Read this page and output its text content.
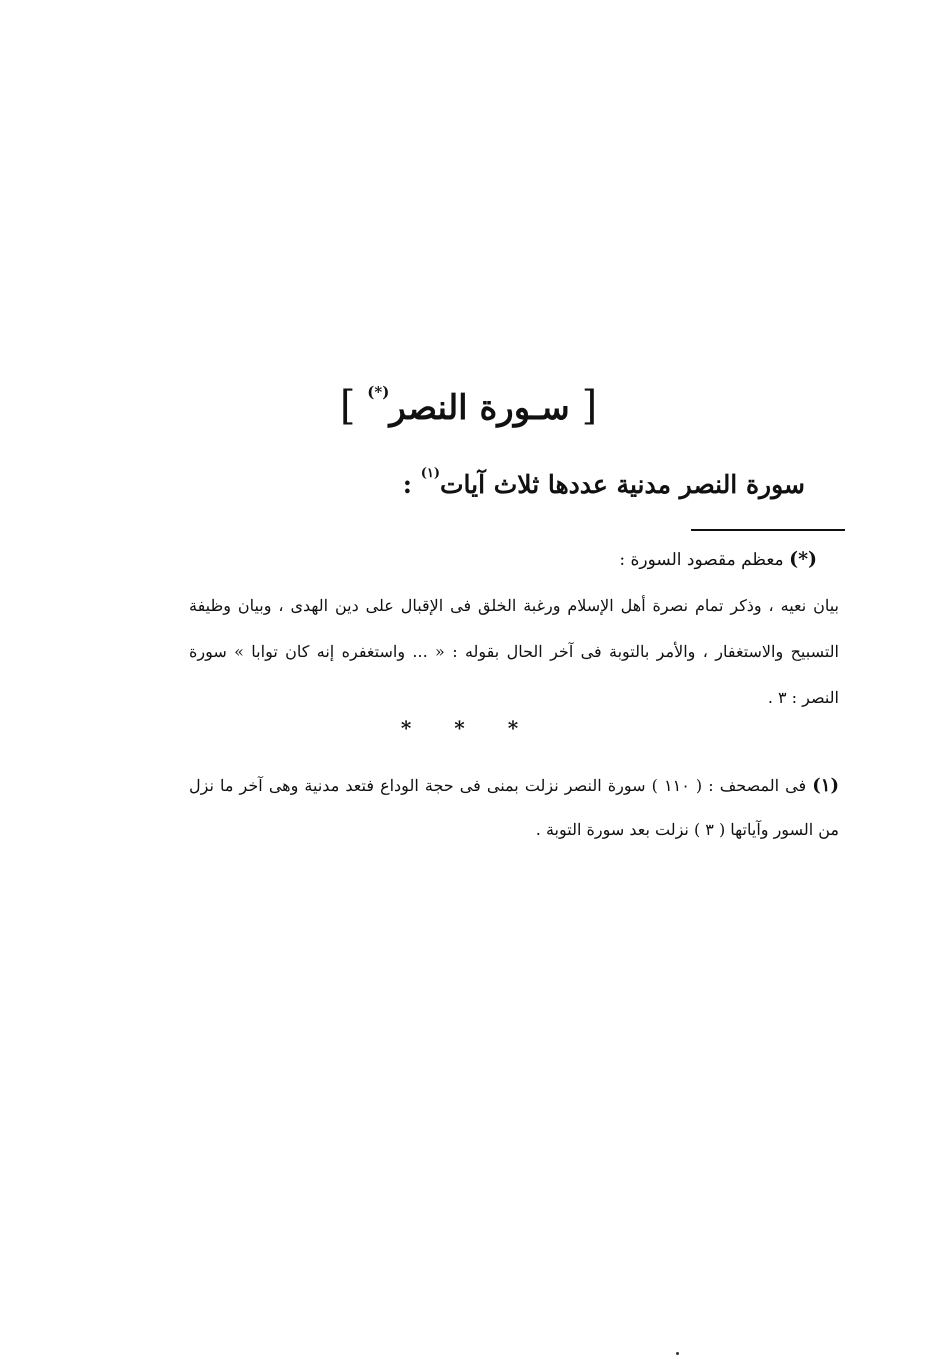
[ سـورة النصر(*) ]
سورة النصر مدنية عددها ثلاث آيات$^{(١)}$ :
(*) معظم مقصود السورة :
بيان نعيه ، وذكر تمام نصرة أهل الإسلام ورغبة الخلق فى الإقبال على دين الهدى ، وبيان وظيفة التسبيح والاستغفار ، والأمر بالتوبة فى آخر الحال بقوله : « ... واستغفره إنه كان توابا » سورة النصر : ٣ .
* * *
(١) فى المصحف : ( ١١٠ ) سورة النصر نزلت بمنى فى حجة الوداع فتعد مدنية وهى آخر ما نزل من السور وآياتها ( ٣ ) نزلت بعد سورة التوبة .
